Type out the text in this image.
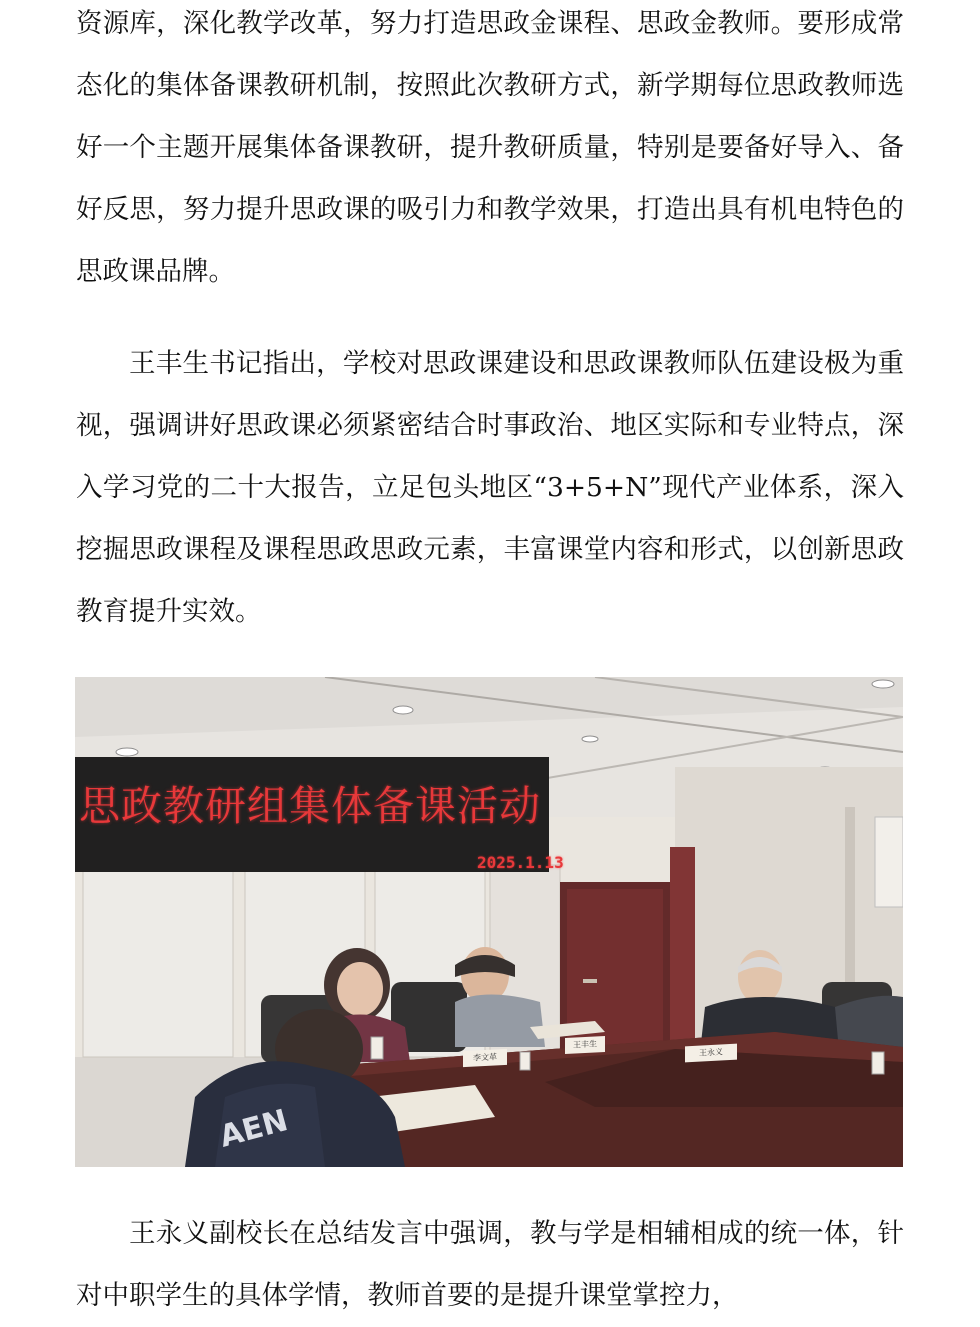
资源库，深化教学改革，努力打造思政金课程、思政金教师。要形成常态化的集体备课教研机制，按照此次教研方式，新学期每位思政教师选好一个主题开展集体备课教研，提升教研质量，特别是要备好导入、备好反思，努力提升思政课的吸引力和教学效果，打造出具有机电特色的思政课品牌。

王丰生书记指出，学校对思政课建设和思政课教师队伍建设极为重视，强调讲好思政课必须紧密结合时事政治、地区实际和专业特点，深入学习党的二十大报告，立足包头地区“3+5+N”现代产业体系，深入挖掘思政课程及课程思政思政元素，丰富课堂内容和形式，以创新思政教育提升实效。

思政教研组集体备课活动
2025.1.13
李文革
王丰生
王永义

王永义副校长在总结发言中强调，教与学是相辅相成的统一体，针对中职学生的具体学情，教师首要的是提升课堂掌控力，
